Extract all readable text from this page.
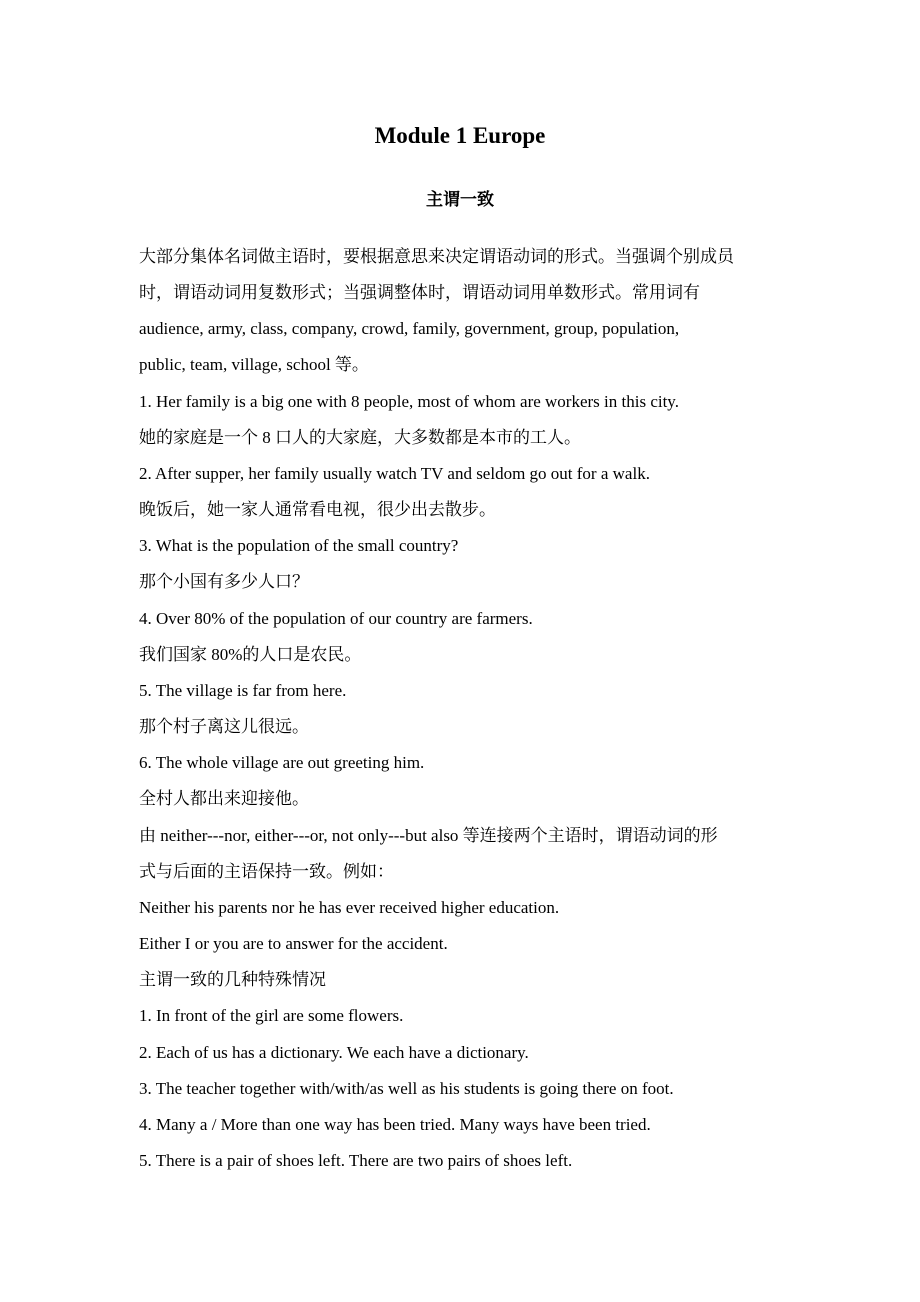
Module 1 Europe
主谓一致
大部分集体名词做主语时，要根据意思来决定谓语动词的形式。当强调个别成员
时，谓语动词用复数形式；当强调整体时，谓语动词用单数形式。常用词有
audience, army, class, company, crowd, family, government, group, population,
public, team, village, school 等。
1. Her family is a big one with 8 people, most of whom are workers in this city.
她的家庭是一个 8 口人的大家庭，大多数都是本市的工人。
2. After supper, her family usually watch TV and seldom go out for a walk.
晚饭后，她一家人通常看电视，很少出去散步。
3. What is the population of the small country?
那个小国有多少人口？
4. Over 80% of the population of our country are farmers.
我们国家 80%的人口是农民。
5. The village is far from here.
那个村子离这儿很远。
6. The whole village are out greeting him.
全村人都出来迎接他。
由 neither---nor, either---or, not only---but also 等连接两个主语时，谓语动词的形
式与后面的主语保持一致。例如：
Neither his parents nor he has ever received higher education.
Either I or you are to answer for the accident.
主谓一致的几种特殊情况
1. In front of the girl are some flowers.
2. Each of us has a dictionary. We each have a dictionary.
3. The teacher together with/with/as well as his students is going there on foot.
4. Many a / More than one way has been tried. Many ways have been tried.
5. There is a pair of shoes left. There are two pairs of shoes left.
